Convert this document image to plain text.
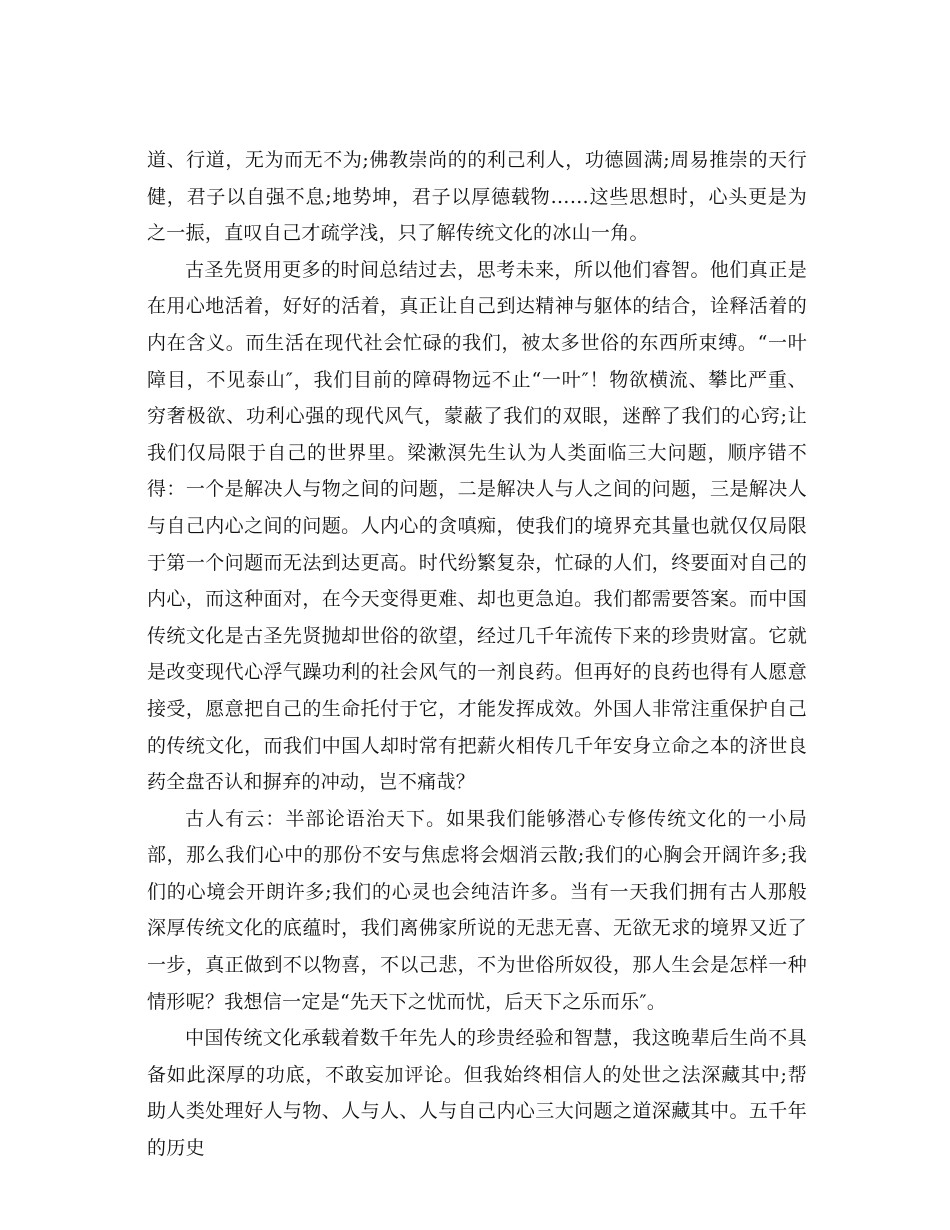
道、行道，无为而无不为;佛教崇尚的的利己利人，功德圆满;周易推崇的天行健，君子以自强不息;地势坤，君子以厚德载物……这些思想时，心头更是为之一振，直叹自己才疏学浅，只了解传统文化的冰山一角。

古圣先贤用更多的时间总结过去，思考未来，所以他们睿智。他们真正是在用心地活着，好好的活着，真正让自己到达精神与躯体的结合，诠释活着的内在含义。而生活在现代社会忙碌的我们，被太多世俗的东西所束缚。“一叶障目，不见泰山″，我们目前的障碍物远不止“一叶″！物欲横流、攀比严重、穷奢极欲、功利心强的现代风气，蒙蔽了我们的双眼，迷醉了我们的心窍;让我们仅局限于自己的世界里。梁漱溟先生认为人类面临三大问题，顺序错不得：一个是解决人与物之间的问题，二是解决人与人之间的问题，三是解决人与自己内心之间的问题。人内心的贪嗔痴，使我们的境界充其量也就仅仅局限于第一个问题而无法到达更高。时代纷繁复杂，忙碌的人们，终要面对自己的内心，而这种面对，在今天变得更难、却也更急迫。我们都需要答案。而中国传统文化是古圣先贤抛却世俗的欲望，经过几千年流传下来的珍贵财富。它就是改变现代心浮气躁功利的社会风气的一剂良药。但再好的良药也得有人愿意接受，愿意把自己的生命托付于它，才能发挥成效。外国人非常注重保护自己的传统文化，而我们中国人却时常有把薪火相传几千年安身立命之本的济世良药全盘否认和摒弃的冲动，岂不痛哉？

古人有云：半部论语治天下。如果我们能够潜心专修传统文化的一小局部，那么我们心中的那份不安与焦虑将会烟消云散;我们的心胸会开阔许多;我们的心境会开朗许多;我们的心灵也会纯洁许多。当有一天我们拥有古人那般深厚传统文化的底蕴时，我们离佛家所说的无悲无喜、无欲无求的境界又近了一步，真正做到不以物喜，不以己悲，不为世俗所奴役，那人生会是怎样一种情形呢？我想信一定是“先天下之忧而忧，后天下之乐而乐″。

中国传统文化承载着数千年先人的珍贵经验和智慧，我这晚辈后生尚不具备如此深厚的功底，不敢妄加评论。但我始终相信人的处世之法深藏其中;帮助人类处理好人与物、人与人、人与自己内心三大问题之道深藏其中。五千年的历史
